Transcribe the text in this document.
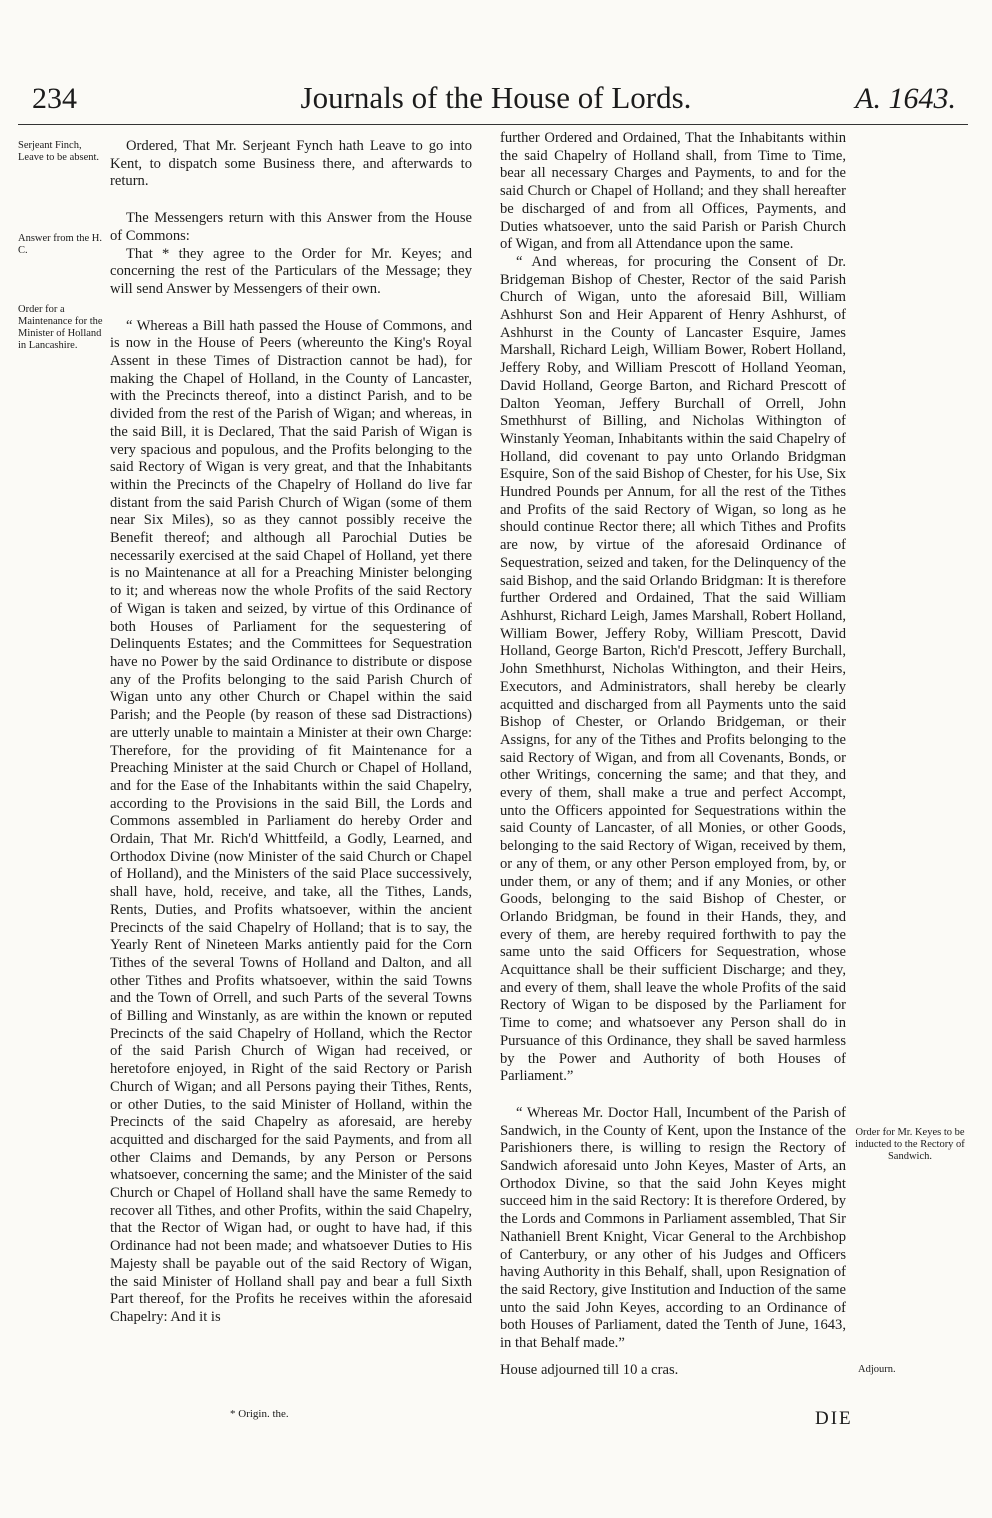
234	Journals of the House of Lords.	A. 1643.
Serjeant Finch, Leave to be absent.
Answer from the H. C.
Order for a Maintenance for the Minister of Holland in Lancashire.
Order for Mr. Keyes to be inducted to the Rectory of Sandwich.
Adjourn.

Ordered, That Mr. Serjeant Fynch hath Leave to go into Kent, to dispatch some Business there, and afterwards to return.

The Messengers return with this Answer from the House of Commons:

That * they agree to the Order for Mr. Keyes; and concerning the rest of the Particulars of the Message; they will send Answer by Messengers of their own.

“ Whereas a Bill hath passed the House of Commons, and is now in the House of Peers (whereunto the King's Royal Assent in these Times of Distraction cannot be had), for making the Chapel of Holland, in the County of Lancaster, with the Precincts thereof, into a distinct Parish, and to be divided from the rest of the Parish of Wigan; and whereas, in the said Bill, it is Declared, That the said Parish of Wigan is very spacious and populous, and the Profits belonging to the said Rectory of Wigan is very great, and that the Inhabitants within the Precincts of the Chapelry of Holland do live far distant from the said Parish Church of Wigan (some of them near Six Miles), so as they cannot possibly receive the Benefit thereof; and although all Parochial Duties be necessarily exercised at the said Chapel of Holland, yet there is no Maintenance at all for a Preaching Minister belonging to it; and whereas now the whole Profits of the said Rectory of Wigan is taken and seized, by virtue of this Ordinance of both Houses of Parliament for the sequestering of Delinquents Estates; and the Committees for Sequestration have no Power by the said Ordinance to distribute or dispose any of the Profits belonging to the said Parish Church of Wigan unto any other Church or Chapel within the said Parish; and the People (by reason of these sad Distractions) are utterly unable to maintain a Minister at their own Charge: Therefore, for the providing of fit Maintenance for a Preaching Minister at the said Church or Chapel of Holland, and for the Ease of the Inhabitants within the said Chapelry, according to the Provisions in the said Bill, the Lords and Commons assembled in Parliament do hereby Order and Ordain, That Mr. Rich'd Whittfeild, a Godly, Learned, and Orthodox Divine (now Minister of the said Church or Chapel of Holland), and the Ministers of the said Place successively, shall have, hold, receive, and take, all the Tithes, Lands, Rents, Duties, and Profits whatsoever, within the ancient Precincts of the said Chapelry of Holland; that is to say, the Yearly Rent of Nineteen Marks antiently paid for the Corn Tithes of the several Towns of Holland and Dalton, and all other Tithes and Profits whatsoever, within the said Towns and the Town of Orrell, and such Parts of the several Towns of Billing and Winstanly, as are within the known or reputed Precincts of the said Chapelry of Holland, which the Rector of the said Parish Church of Wigan had received, or heretofore enjoyed, in Right of the said Rectory or Parish Church of Wigan; and all Persons paying their Tithes, Rents, or other Duties, to the said Minister of Holland, within the Precincts of the said Chapelry as aforesaid, are hereby acquitted and discharged for the said Payments, and from all other Claims and Demands, by any Person or Persons whatsoever, concerning the same; and the Minister of the said Church or Chapel of Holland shall have the same Remedy to recover all Tithes, and other Profits, within the said Chapelry, that the Rector of Wigan had, or ought to have had, if this Ordinance had not been made; and whatsoever Duties to His Majesty shall be payable out of the said Rectory of Wigan, the said Minister of Holland shall pay and bear a full Sixth Part thereof, for the Profits he receives within the aforesaid Chapelry: And it is

further Ordered and Ordained, That the Inhabitants within the said Chapelry of Holland shall, from Time to Time, bear all necessary Charges and Payments, to and for the said Church or Chapel of Holland; and they shall hereafter be discharged of and from all Offices, Payments, and Duties whatsoever, unto the said Parish or Parish Church of Wigan, and from all Attendance upon the same.

“ And whereas, for procuring the Consent of Dr. Bridgeman Bishop of Chester, Rector of the said Parish Church of Wigan, unto the aforesaid Bill, William Ashhurst Son and Heir Apparent of Henry Ashhurst, of Ashhurst in the County of Lancaster Esquire, James Marshall, Richard Leigh, William Bower, Robert Holland, Jeffery Roby, and William Prescott of Holland Yeoman, David Holland, George Barton, and Richard Prescott of Dalton Yeoman, Jeffery Burchall of Orrell, John Smethhurst of Billing, and Nicholas Withington of Winstanly Yeoman, Inhabitants within the said Chapelry of Holland, did covenant to pay unto Orlando Bridgman Esquire, Son of the said Bishop of Chester, for his Use, Six Hundred Pounds per Annum, for all the rest of the Tithes and Profits of the said Rectory of Wigan, so long as he should continue Rector there; all which Tithes and Profits are now, by virtue of the aforesaid Ordinance of Sequestration, seized and taken, for the Delinquency of the said Bishop, and the said Orlando Bridgman: It is therefore further Ordered and Ordained, That the said William Ashhurst, Richard Leigh, James Marshall, Robert Holland, William Bower, Jeffery Roby, William Prescott, David Holland, George Barton, Rich'd Prescott, Jeffery Burchall, John Smethhurst, Nicholas Withington, and their Heirs, Executors, and Administrators, shall hereby be clearly acquitted and discharged from all Payments unto the said Bishop of Chester, or Orlando Bridgeman, or their Assigns, for any of the Tithes and Profits belonging to the said Rectory of Wigan, and from all Covenants, Bonds, or other Writings, concerning the same; and that they, and every of them, shall make a true and perfect Accompt, unto the Officers appointed for Sequestrations within the said County of Lancaster, of all Monies, or other Goods, belonging to the said Rectory of Wigan, received by them, or any of them, or any other Person employed from, by, or under them, or any of them; and if any Monies, or other Goods, belonging to the said Bishop of Chester, or Orlando Bridgman, be found in their Hands, they, and every of them, are hereby required forthwith to pay the same unto the said Officers for Sequestration, whose Acquittance shall be their sufficient Discharge; and they, and every of them, shall leave the whole Profits of the said Rectory of Wigan to be disposed by the Parliament for Time to come; and whatsoever any Person shall do in Pursuance of this Ordinance, they shall be saved harmless by the Power and Authority of both Houses of Parliament.”

“ Whereas Mr. Doctor Hall, Incumbent of the Parish of Sandwich, in the County of Kent, upon the Instance of the Parishioners there, is willing to resign the Rectory of Sandwich aforesaid unto John Keyes, Master of Arts, an Orthodox Divine, so that the said John Keyes might succeed him in the said Rectory: It is therefore Ordered, by the Lords and Commons in Parliament assembled, That Sir Nathaniell Brent Knight, Vicar General to the Archbishop of Canterbury, or any other of his Judges and Officers having Authority in this Behalf, shall, upon Resignation of the said Rectory, give Institution and Induction of the same unto the said John Keyes, according to an Ordinance of both Houses of Parliament, dated the Tenth of June, 1643, in that Behalf made.”

House adjourned till 10 a cras.
* Origin. the.	DIE
